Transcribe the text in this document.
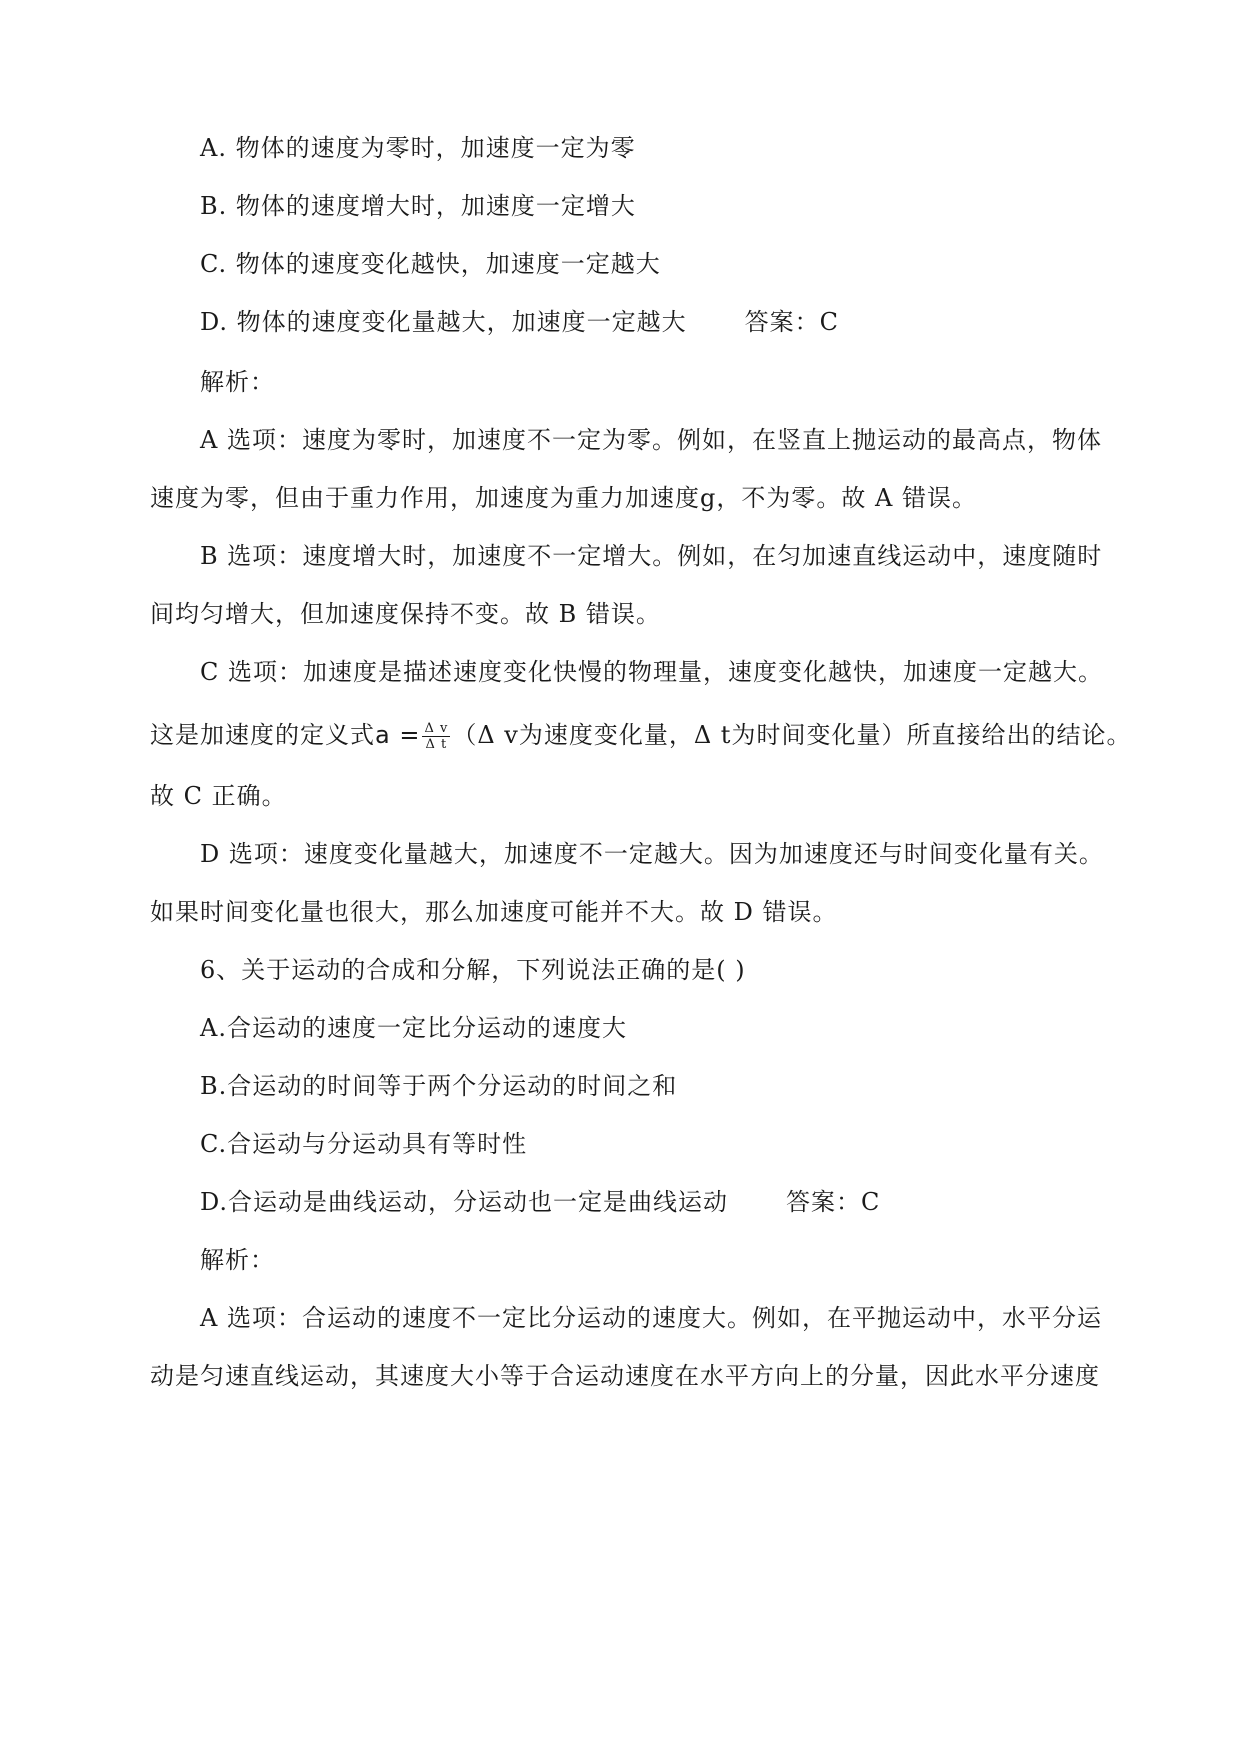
A. 物体的速度为零时，加速度一定为零
B. 物体的速度增大时，加速度一定增大
C. 物体的速度变化越快，加速度一定越大
D. 物体的速度变化量越大，加速度一定越大 答案：C
解析：
A 选项：速度为零时，加速度不一定为零。例如，在竖直上抛运动的最高点，物体
速度为零，但由于重力作用，加速度为重力加速度g，不为零。故 A 错误。
B 选项：速度增大时，加速度不一定增大。例如，在匀加速直线运动中，速度随时
间均匀增大，但加速度保持不变。故 B 错误。
C 选项：加速度是描述速度变化快慢的物理量，速度变化越快，加速度一定越大。
这是加速度的定义式$a = \frac{\text{Δ v}}{\text{Δ t}} (\Delta$ v为速度变化量，Δ t为时间变化量）所直接给出的结论。
故 C 正确。
D 选项：速度变化量越大，加速度不一定越大。因为加速度还与时间变化量有关。
如果时间变化量也很大，那么加速度可能并不大。故 D 错误。
6、关于运动的合成和分解，下列说法正确的是( )
A.合运动的速度一定比分运动的速度大
B.合运动的时间等于两个分运动的时间之和
C.合运动与分运动具有等时性
D.合运动是曲线运动，分运动也一定是曲线运动 答案：C
解析：
A 选项：合运动的速度不一定比分运动的速度大。例如，在平抛运动中，水平分运
动是匀速直线运动，其速度大小等于合运动速度在水平方向上的分量，因此水平分速度
